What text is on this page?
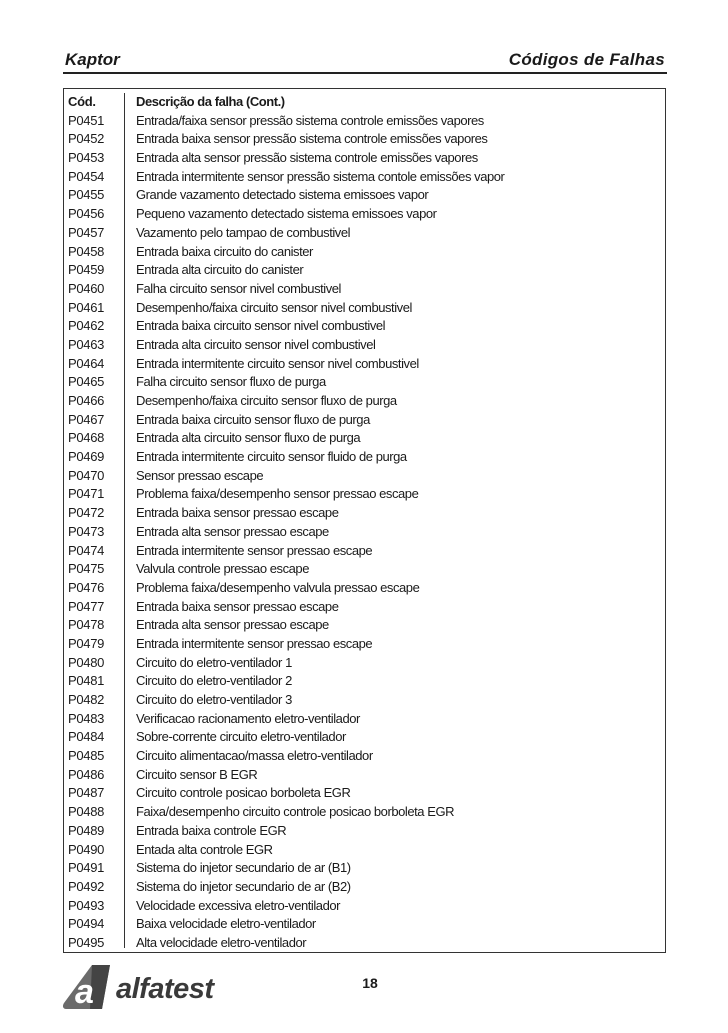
Kaptor	Códigos de Falhas
Cód.	Descrição da falha (Cont.)
P0451	Entrada/faixa sensor pressão sistema controle emissões vapores
P0452	Entrada baixa sensor pressão sistema controle emissões vapores
P0453	Entrada alta sensor pressão sistema controle emissões vapores
P0454	Entrada intermitente sensor pressão sistema contole emissões vapor
P0455	Grande vazamento detectado sistema emissoes vapor
P0456	Pequeno vazamento detectado sistema emissoes vapor
P0457	Vazamento pelo tampao de combustivel
P0458	Entrada baixa circuito do canister
P0459	Entrada alta circuito do canister
P0460	Falha circuito sensor nivel combustivel
P0461	Desempenho/faixa circuito sensor nivel combustivel
P0462	Entrada baixa circuito sensor nivel combustivel
P0463	Entrada alta circuito sensor nivel combustivel
P0464	Entrada intermitente circuito sensor nivel combustivel
P0465	Falha circuito sensor fluxo de purga
P0466	Desempenho/faixa circuito sensor fluxo de purga
P0467	Entrada baixa circuito sensor fluxo de purga
P0468	Entrada alta circuito sensor fluxo de purga
P0469	Entrada intermitente circuito sensor fluido de purga
P0470	Sensor pressao escape
P0471	Problema faixa/desempenho sensor pressao escape
P0472	Entrada baixa sensor pressao escape
P0473	Entrada alta sensor pressao escape
P0474	Entrada intermitente sensor pressao escape
P0475	Valvula controle pressao escape
P0476	Problema faixa/desempenho valvula pressao escape
P0477	Entrada baixa sensor pressao escape
P0478	Entrada alta sensor pressao escape
P0479	Entrada intermitente sensor pressao escape
P0480	Circuito do eletro-ventilador 1
P0481	Circuito do eletro-ventilador 2
P0482	Circuito do eletro-ventilador 3
P0483	Verificacao racionamento eletro-ventilador
P0484	Sobre-corrente circuito eletro-ventilador
P0485	Circuito alimentacao/massa eletro-ventilador
P0486	Circuito sensor B EGR
P0487	Circuito controle posicao borboleta EGR
P0488	Faixa/desempenho circuito controle posicao borboleta EGR
P0489	Entrada baixa controle EGR
P0490	Entada alta controle EGR
P0491	Sistema do injetor secundario de ar (B1)
P0492	Sistema do injetor secundario de ar (B2)
P0493	Velocidade excessiva eletro-ventilador
P0494	Baixa velocidade eletro-ventilador
P0495	Alta velocidade eletro-ventilador
a alfatest	18
